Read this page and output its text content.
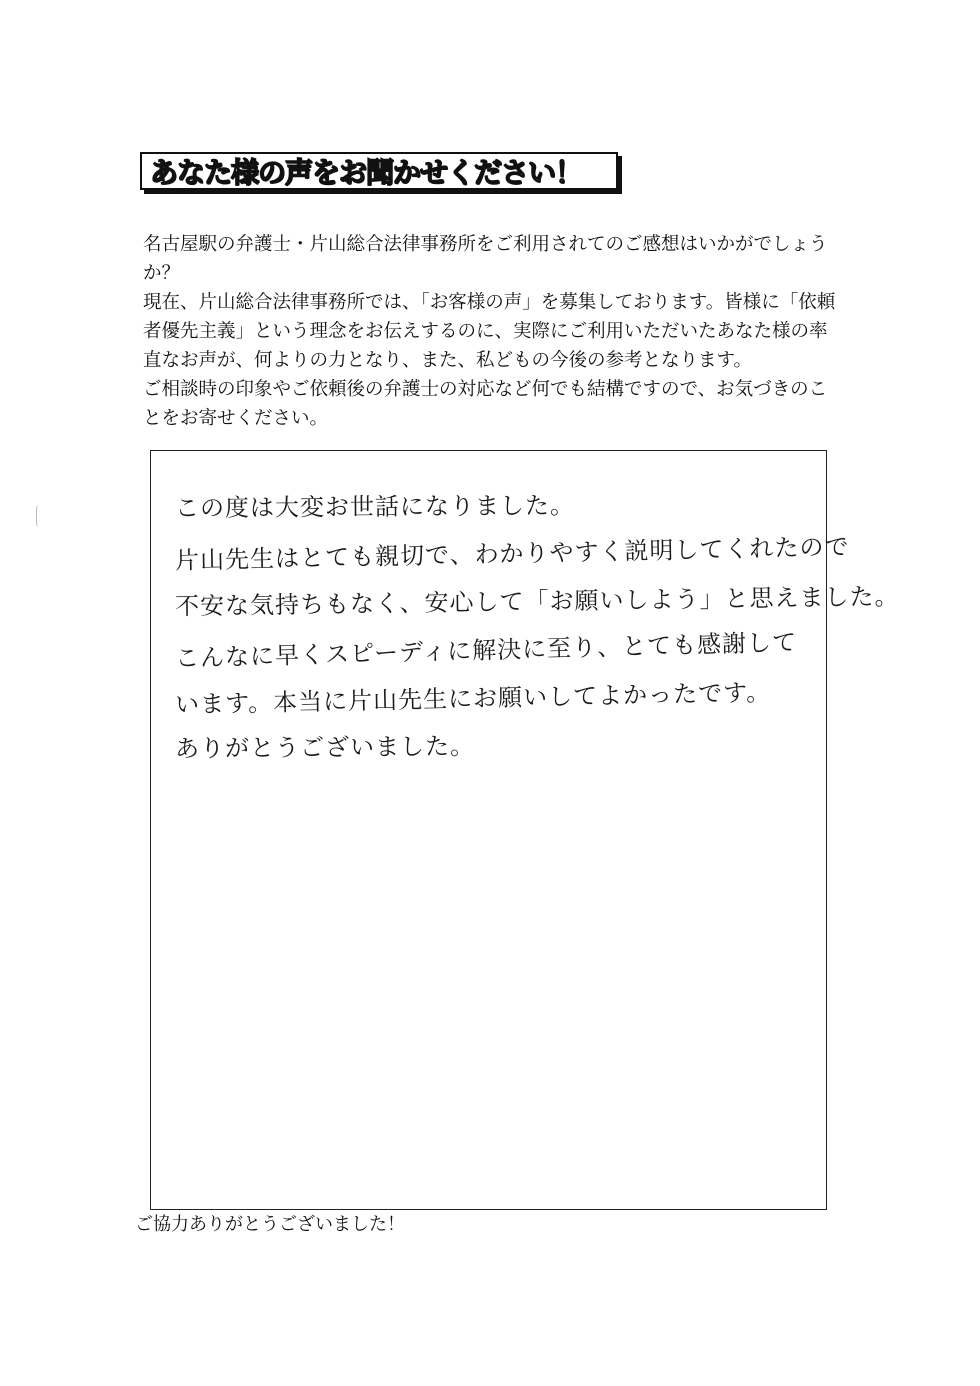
あなた様の声をお聞かせください！

名古屋駅の弁護士・片山総合法律事務所をご利用されてのご感想はいかがでしょうか？

現在、片山総合法律事務所では、「お客様の声」を募集しております。皆様に「依頼者優先主義」という理念をお伝えするのに、実際にご利用いただいたあなた様の率直なお声が、何よりの力となり、また、私どもの今後の参考となります。

ご相談時の印象やご依頼後の弁護士の対応など何でも結構ですので、お気づきのことをお寄せください。

この度は大変お世話になりました。
片山先生はとても親切で、わかりやすく説明してくれたので
不安な気持ちもなく、安心して「お願いしよう」と思えました。
こんなに早くスピーディに解決に至り、とても感謝して
います。本当に片山先生にお願いしてよかったです。
ありがとうございました。
ご協力ありがとうございました！
